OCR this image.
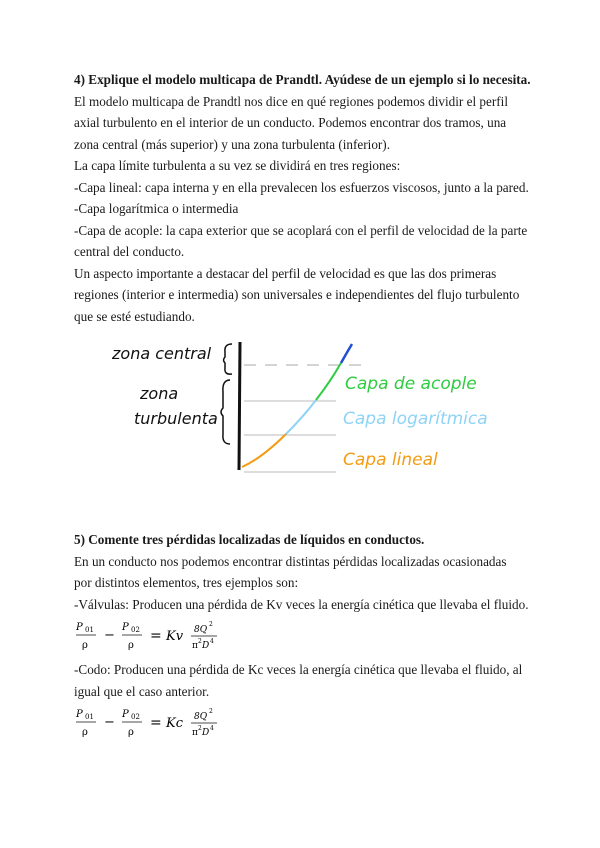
4) Explique el modelo multicapa de Prandtl. Ayúdese de un ejemplo si lo necesita.
El modelo multicapa de Prandtl nos dice en qué regiones podemos dividir el perfil
axial turbulento en el interior de un conducto. Podemos encontrar dos tramos, una
zona central (más superior) y una zona turbulenta (inferior).
La capa límite turbulenta a su vez se dividirá en tres regiones:
-Capa lineal: capa interna y en ella prevalecen los esfuerzos viscosos, junto a la pared.
-Capa logarítmica o intermedia
-Capa de acople: la capa exterior que se acoplará con el perfil de velocidad de la parte
central del conducto.
Un aspecto importante a destacar del perfil de velocidad es que las dos primeras
regiones (interior e intermedia) son universales e independientes del flujo turbulento
que se esté estudiando.
zona central
zona
turbulenta
Capa de acople
Capa logarítmica
Capa lineal
5) Comente tres pérdidas localizadas de líquidos en conductos.
En un conducto nos podemos encontrar distintas pérdidas localizadas ocasionadas
por distintos elementos, tres ejemplos son:
-Válvulas: Producen una pérdida de Kv veces la energía cinética que llevaba el fluido.
P 01
ρ
−
P 02
ρ
= Kv 8Q
2
π 2 D 4
-Codo: Producen una pérdida de Kc veces la energía cinética que llevaba el fluido, al
igual que el caso anterior.
P 01
ρ
−
P 02
ρ
= Kc 8Q
2
π 2 D 4
